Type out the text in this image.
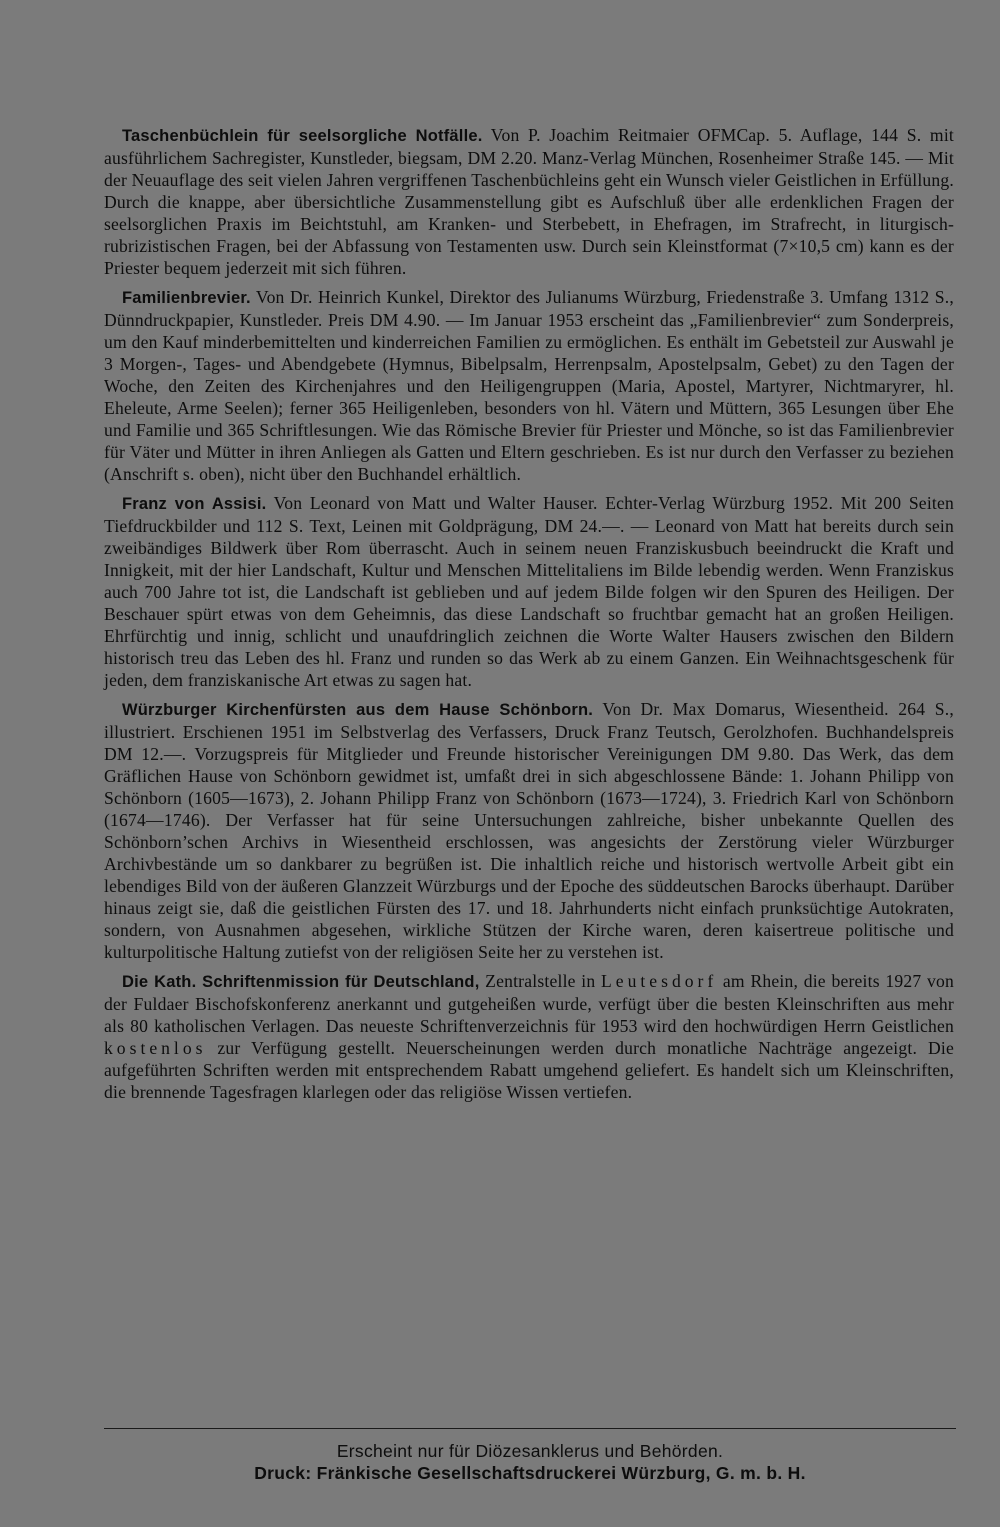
Taschenbüchlein für seelsorgliche Notfälle. Von P. Joachim Reitmaier OFMCap. 5. Auflage, 144 S. mit ausführlichem Sachregister, Kunstleder, biegsam, DM 2.20. Manz-Verlag München, Rosenheimer Straße 145. — Mit der Neuauflage des seit vielen Jahren vergriffenen Taschenbüchleins geht ein Wunsch vieler Geistlichen in Erfüllung. Durch die knappe, aber übersichtliche Zusammenstellung gibt es Aufschluß über alle erdenklichen Fragen der seelsorglichen Praxis im Beichtstuhl, am Kranken- und Sterbebett, in Ehefragen, im Strafrecht, in liturgisch-rubrizistischen Fragen, bei der Abfassung von Testamenten usw. Durch sein Kleinstformat (7×10,5 cm) kann es der Priester bequem jederzeit mit sich führen.

Familienbrevier. Von Dr. Heinrich Kunkel, Direktor des Julianums Würzburg, Friedenstraße 3. Umfang 1312 S., Dünndruckpapier, Kunstleder. Preis DM 4.90. — Im Januar 1953 erscheint das „Familienbrevier“ zum Sonderpreis, um den Kauf minderbemittelten und kinderreichen Familien zu ermöglichen. Es enthält im Gebetsteil zur Auswahl je 3 Morgen-, Tages- und Abendgebete (Hymnus, Bibelpsalm, Herrenpsalm, Apostelpsalm, Gebet) zu den Tagen der Woche, den Zeiten des Kirchenjahres und den Heiligengruppen (Maria, Apostel, Martyrer, Nichtmaryrer, hl. Eheleute, Arme Seelen); ferner 365 Heiligenleben, besonders von hl. Vätern und Müttern, 365 Lesungen über Ehe und Familie und 365 Schriftlesungen. Wie das Römische Brevier für Priester und Mönche, so ist das Familienbrevier für Väter und Mütter in ihren Anliegen als Gatten und Eltern geschrieben. Es ist nur durch den Verfasser zu beziehen (Anschrift s. oben), nicht über den Buchhandel erhältlich.

Franz von Assisi. Von Leonard von Matt und Walter Hauser. Echter-Verlag Würzburg 1952. Mit 200 Seiten Tiefdruckbilder und 112 S. Text, Leinen mit Goldprägung, DM 24.—. — Leonard von Matt hat bereits durch sein zweibändiges Bildwerk über Rom überrascht. Auch in seinem neuen Franziskusbuch beeindruckt die Kraft und Innigkeit, mit der hier Landschaft, Kultur und Menschen Mittelitaliens im Bilde lebendig werden. Wenn Franziskus auch 700 Jahre tot ist, die Landschaft ist geblieben und auf jedem Bilde folgen wir den Spuren des Heiligen. Der Beschauer spürt etwas von dem Geheimnis, das diese Landschaft so fruchtbar gemacht hat an großen Heiligen. Ehrfürchtig und innig, schlicht und unaufdringlich zeichnen die Worte Walter Hausers zwischen den Bildern historisch treu das Leben des hl. Franz und runden so das Werk ab zu einem Ganzen. Ein Weihnachtsgeschenk für jeden, dem franziskanische Art etwas zu sagen hat.

Würzburger Kirchenfürsten aus dem Hause Schönborn. Von Dr. Max Domarus, Wiesentheid. 264 S., illustriert. Erschienen 1951 im Selbstverlag des Verfassers, Druck Franz Teutsch, Gerolzhofen. Buchhandelspreis DM 12.—. Vorzugspreis für Mitglieder und Freunde historischer Vereinigungen DM 9.80. Das Werk, das dem Gräflichen Hause von Schönborn gewidmet ist, umfaßt drei in sich abgeschlossene Bände: 1. Johann Philipp von Schönborn (1605—1673), 2. Johann Philipp Franz von Schönborn (1673—1724), 3. Friedrich Karl von Schönborn (1674—1746). Der Verfasser hat für seine Untersuchungen zahlreiche, bisher unbekannte Quellen des Schönborn’schen Archivs in Wiesentheid erschlossen, was angesichts der Zerstörung vieler Würzburger Archivbestände um so dankbarer zu begrüßen ist. Die inhaltlich reiche und historisch wertvolle Arbeit gibt ein lebendiges Bild von der äußeren Glanzzeit Würzburgs und der Epoche des süddeutschen Barocks überhaupt. Darüber hinaus zeigt sie, daß die geistlichen Fürsten des 17. und 18. Jahrhunderts nicht einfach prunksüchtige Autokraten, sondern, von Ausnahmen abgesehen, wirkliche Stützen der Kirche waren, deren kaisertreue politische und kulturpolitische Haltung zutiefst von der religiösen Seite her zu verstehen ist.

Die Kath. Schriftenmission für Deutschland, Zentralstelle in Leutesdorf am Rhein, die bereits 1927 von der Fuldaer Bischofskonferenz anerkannt und gutgeheißen wurde, verfügt über die besten Kleinschriften aus mehr als 80 katholischen Verlagen. Das neueste Schriftenverzeichnis für 1953 wird den hochwürdigen Herrn Geistlichen kostenlos zur Verfügung gestellt. Neuerscheinungen werden durch monatliche Nachträge angezeigt. Die aufgeführten Schriften werden mit entsprechendem Rabatt umgehend geliefert. Es handelt sich um Kleinschriften, die brennende Tagesfragen klarlegen oder das religiöse Wissen vertiefen.

Erscheint nur für Diözesanklerus und Behörden.
Druck: Fränkische Gesellschaftsdruckerei Würzburg, G. m. b. H.
